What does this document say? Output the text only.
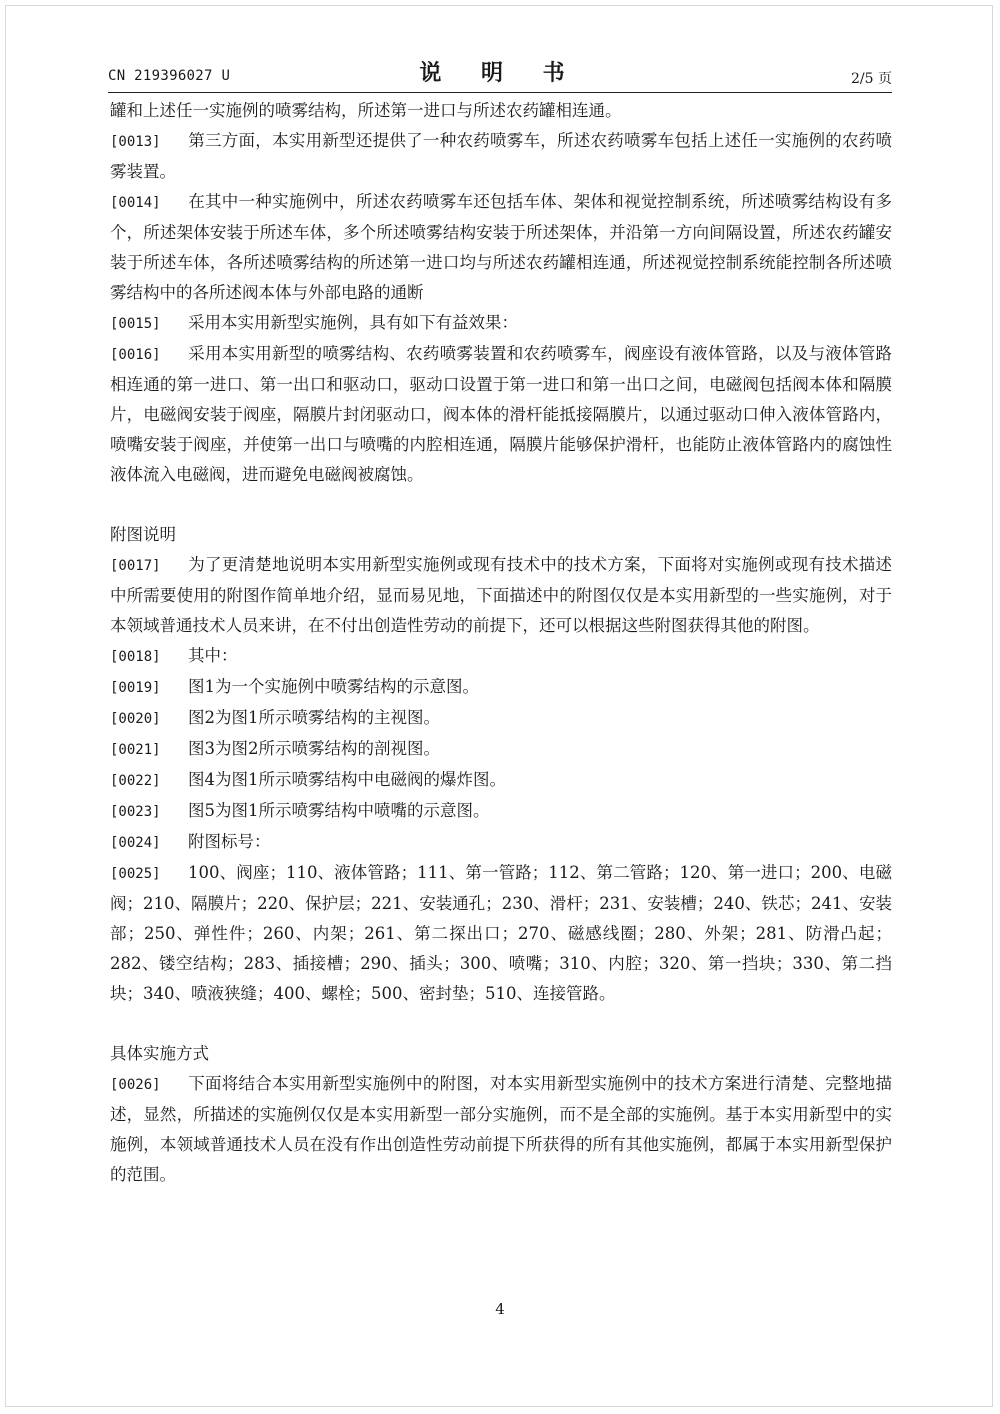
CN 219396027 U	说 明 书	2/5 页
罐和上述任一实施例的喷雾结构，所述第一进口与所述农药罐相连通。
[0013] 第三方面，本实用新型还提供了一种农药喷雾车，所述农药喷雾车包括上述任一实施例的农药喷雾装置。
[0014] 在其中一种实施例中，所述农药喷雾车还包括车体、架体和视觉控制系统，所述喷雾结构设有多个，所述架体安装于所述车体，多个所述喷雾结构安装于所述架体，并沿第一方向间隔设置，所述农药罐安装于所述车体，各所述喷雾结构的所述第一进口均与所述农药罐相连通，所述视觉控制系统能控制各所述喷雾结构中的各所述阀本体与外部电路的通断
[0015] 采用本实用新型实施例，具有如下有益效果：
[0016] 采用本实用新型的喷雾结构、农药喷雾装置和农药喷雾车，阀座设有液体管路，以及与液体管路相连通的第一进口、第一出口和驱动口，驱动口设置于第一进口和第一出口之间，电磁阀包括阀本体和隔膜片，电磁阀安装于阀座，隔膜片封闭驱动口，阀本体的滑杆能抵接隔膜片，以通过驱动口伸入液体管路内，喷嘴安装于阀座，并使第一出口与喷嘴的内腔相连通，隔膜片能够保护滑杆，也能防止液体管路内的腐蚀性液体流入电磁阀，进而避免电磁阀被腐蚀。
附图说明
[0017] 为了更清楚地说明本实用新型实施例或现有技术中的技术方案，下面将对实施例或现有技术描述中所需要使用的附图作简单地介绍，显而易见地，下面描述中的附图仅仅是本实用新型的一些实施例，对于本领域普通技术人员来讲，在不付出创造性劳动的前提下，还可以根据这些附图获得其他的附图。
[0018] 其中：
[0019] 图1为一个实施例中喷雾结构的示意图。
[0020] 图2为图1所示喷雾结构的主视图。
[0021] 图3为图2所示喷雾结构的剖视图。
[0022] 图4为图1所示喷雾结构中电磁阀的爆炸图。
[0023] 图5为图1所示喷雾结构中喷嘴的示意图。
[0024] 附图标号：
[0025] 100、阀座；110、液体管路；111、第一管路；112、第二管路；120、第一进口；200、电磁阀；210、隔膜片；220、保护层；221、安装通孔；230、滑杆；231、安装槽；240、铁芯；241、安装部；250、弹性件；260、内架；261、第二探出口；270、磁感线圈；280、外架；281、防滑凸起；282、镂空结构；283、插接槽；290、插头；300、喷嘴；310、内腔；320、第一挡块；330、第二挡块；340、喷液狭缝；400、螺栓；500、密封垫；510、连接管路。
具体实施方式
[0026] 下面将结合本实用新型实施例中的附图，对本实用新型实施例中的技术方案进行清楚、完整地描述，显然，所描述的实施例仅仅是本实用新型一部分实施例，而不是全部的实施例。基于本实用新型中的实施例，本领域普通技术人员在没有作出创造性劳动前提下所获得的所有其他实施例，都属于本实用新型保护的范围。
4
